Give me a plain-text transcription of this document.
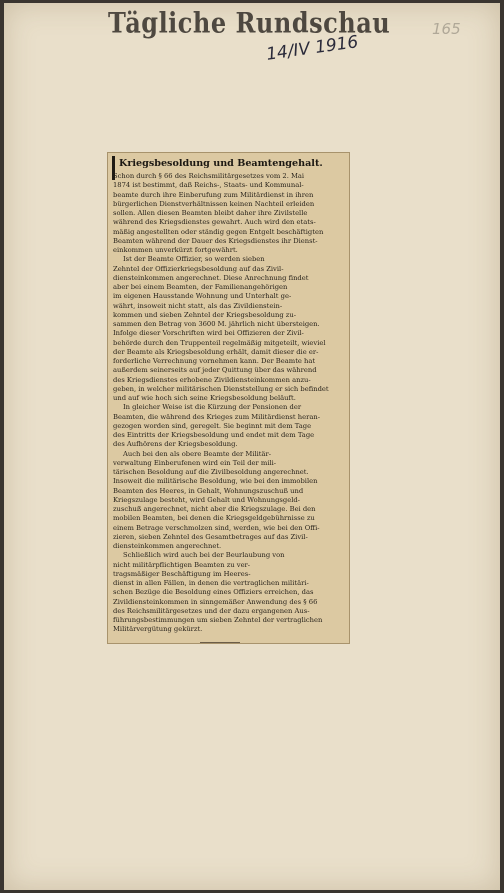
Tägliche Rundschau
14/IV 1916
165
Kriegsbesoldung und Beamtengehalt.
Schon durch § 66 des Reichsmilitärgesetzes vom 2. Mai
1874 ist bestimmt, daß Reichs-, Staats- und Kommunal-
beamte durch ihre Einberufung zum Militärdienst in ihren
bürgerlichen Dienstverhältnissen keinen Nachteil erleiden
sollen. Allen diesen Beamten bleibt daher ihre Zivilstelle
während des Kriegsdienstes gewahrt. Auch wird den etats-
mäßig angestellten oder ständig gegen Entgelt beschäftigten
Beamten während der Dauer des Kriegsdienstes ihr Dienst-
einkommen unverkürzt fortgewährt.
Ist der Beamte Offizier, so werden sieben
Zehntel der Offizierkriegsbesoldung auf das Zivil-
diensteinkommen angerechnet. Diese Anrechnung findet
aber bei einem Beamten, der Familienangehörigen
im eigenen Hausstande Wohnung und Unterhalt ge-
währt, insoweit nicht statt, als das Zivildienstein-
kommen und sieben Zehntel der Kriegsbesoldung zu-
sammen den Betrag von 3600 M. jährlich nicht übersteigen.
Infolge dieser Vorschriften wird bei Offizieren der Zivil-
behörde durch den Truppenteil regelmäßig mitgeteilt, wieviel
der Beamte als Kriegsbesoldung erhält, damit dieser die er-
forderliche Verrechnung vornehmen kann. Der Beamte hat
außerdem seinerseits auf jeder Quittung über das während
des Kriegsdienstes erhobene Zivildiensteinkommen anzu-
geben, in welcher militärischen Dienststellung er sich befindet
und auf wie hoch sich seine Kriegsbesoldung beläuft.
In gleicher Weise ist die Kürzung der Pensionen der
Beamten, die während des Krieges zum Militärdienst heran-
gezogen worden sind, geregelt. Sie beginnt mit dem Tage
des Eintritts der Kriegsbesoldung und endet mit dem Tage
des Aufhörens der Kriegsbesoldung.
Auch bei den als obere Beamte der Militär-
verwaltung Einberufenen wird ein Teil der mili-
tärischen Besoldung auf die Zivilbesoldung angerechnet.
Insoweit die militärische Besoldung, wie bei den immobilen
Beamten des Heeres, in Gehalt, Wohnungszuschuß und
Kriegszulage besteht, wird Gehalt und Wohnungsgeld-
zuschuß angerechnet, nicht aber die Kriegszulage. Bei den
mobilen Beamten, bei denen die Kriegsgeldgebührnisse zu
einem Betrage verschmolzen sind, werden, wie bei den Offi-
zieren, sieben Zehntel des Gesamtbetrages auf das Zivil-
diensteinkommen angerechnet.
Schließlich wird auch bei der Beurlaubung von
nicht militärpflichtigen Beamten zu ver-
tragsmäßiger Beschäftigung im Heeres-
dienst in allen Fällen, in denen die vertraglichen militäri-
schen Bezüge die Besoldung eines Offiziers erreichen, das
Zivildiensteinkommen in sinngemäßer Anwendung des § 66
des Reichsmilitärgesetzes und der dazu ergangenen Aus-
führungsbestimmungen um sieben Zehntel der vertraglichen
Militärvergütung gekürzt.
